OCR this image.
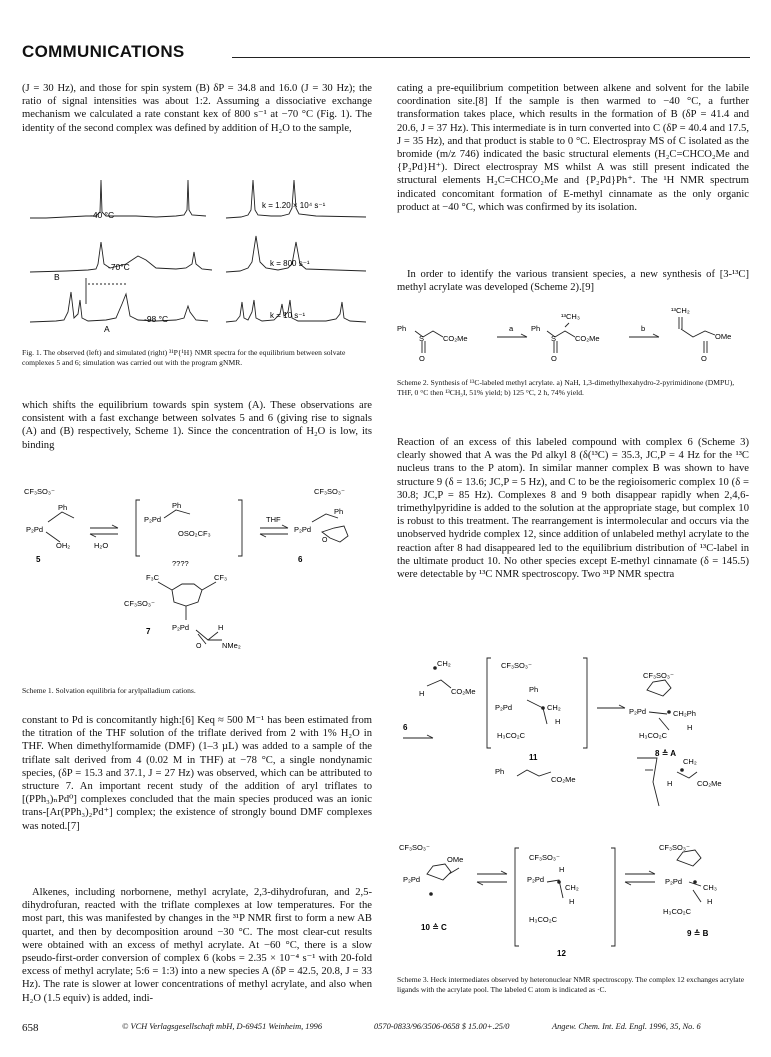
COMMUNICATIONS

(J = 30 Hz), and those for spin system (B) δP = 34.8 and 16.0 (J = 30 Hz); the ratio of signal intensities was about 1:2. Assuming a dissociative exchange mechanism we calculated a rate constant kex of 800 s⁻¹ at −70 °C (Fig. 1). The identity of the second complex was defined by addition of H₂O to the sample,

-40 °C
-70°C
-98 °C
k = 1.20 × 10⁴ s⁻¹
k = 800 s⁻¹
k = 10 s⁻¹
A
B

Fig. 1. The observed (left) and simulated (right) ³¹P{¹H} NMR spectra for the equilibrium between solvate complexes 5 and 6; simulation was carried out with the program gNMR.

which shifts the equilibrium towards spin system (A). These observations are consistent with a fast exchange between solvates 5 and 6 (giving rise to signals (A) and (B) respectively, Scheme 1). Since the concentration of H₂O is low, its binding

CF₃SO₃⁻
Ph
P₂Pd
OH₂	H₂O
5
Ph
P₂Pd
OSO₂CF₃
????
THF
CF₃SO₃⁻
Ph
P₂Pd
O
6
F₃C	CF₃
CF₃SO₃⁻
P₂Pd	H
O	NMe₂
7

Scheme 1. Solvation equilibria for arylpalladium cations.

constant to Pd is concomitantly high:[6] Keq ≈ 500 M⁻¹ has been estimated from the titration of the THF solution of the triflate derived from 2 with 1% H₂O in THF. When dimethylformamide (DMF) (1–3 µL) was added to a sample of the triflate salt derived from 4 (0.02 M in THF) at −78 °C, a single nondynamic species, (δP = 15.3 and 37.1, J = 27 Hz) was observed, which can be attributed to structure 7. An important recent study of the addition of aryl triflates to [(PPh₃)ₙPd⁰] complexes concluded that the main species produced was an ionic trans-[Ar(PPh₃)₂Pd⁺] complex; the existence of strongly bound DMF complexes was noted.[7]

Alkenes, including norbornene, methyl acrylate, 2,3-dihydrofuran, and 2,5-dihydrofuran, reacted with the triflate complexes at low temperatures. For the most part, this was manifested by changes in the ³¹P NMR first to form a new AB quartet, and then by decomposition around −30 °C. The most clear-cut results were obtained with an excess of methyl acrylate. At −60 °C, there is a slow pseudo-first-order conversion of complex 6 (kobs = 2.35 × 10⁻⁴ s⁻¹ with 20-fold excess of methyl acrylate; 5:6 = 1:3) into a new species A (δP = 42.5, 20.8, J = 33 Hz). The rate is slower at lower concentrations of methyl acrylate, and also when H₂O (1.5 equiv) is added, indi-

cating a pre-equilibrium competition between alkene and solvent for the labile coordination site.[8] If the sample is then warmed to −40 °C, a further transformation takes place, which results in the formation of B (δP = 41.4 and 20.6, J = 37 Hz). This intermediate is in turn converted into C (δP = 40.4 and 17.5, J = 35 Hz), and that product is stable to 0 °C. Electrospray MS of C isolated as the bromide (m/z 746) indicated the basic structural elements (H₂C=CHCO₂Me and {P₂Pd}H⁺). Direct electrospray MS whilst A was still present indicated the structural elements H₂C=CHCO₂Me and {P₂Pd}Ph⁺. The ¹H NMR spectrum indicated concomitant formation of E-methyl cinnamate as the only organic product at −40 °C, which was confirmed by its isolation.

In order to identify the various transient species, a new synthesis of [3-¹³C] methyl acrylate was developed (Scheme 2).[9]

Ph
S
O
CO₂Me
a Ph
S
O
¹³CH₃
CO₂Me
b
¹³CH₂
OMe
O

Scheme 2. Synthesis of ¹³C-labeled methyl acrylate. a) NaH, 1,3-dimethylhexahydro-2-pyrimidinone (DMPU), THF, 0 °C then ¹³CH₃I, 51% yield; b) 125 °C, 2 h, 74% yield.

Reaction of an excess of this labeled compound with complex 6 (Scheme 3) clearly showed that A was the Pd alkyl 8 (δ(¹³C) = 35.3, JC,P = 4 Hz for the ¹³C nucleus trans to the P atom). In similar manner complex B was shown to have structure 9 (δ = 13.6; JC,P = 5 Hz), and C to be the regioisomeric complex 10 (δ = 30.8; JC,P = 85 Hz). Complexes 8 and 9 both disappear rapidly when 2,4,6-trimethylpyridine is added to the solution at the appropriate stage, but complex 10 is robust to this treatment. The rearrangement is intermolecular and occurs via the unobserved hydride complex 12, since addition of unlabeled methyl acrylate to the reaction after 8 had disappeared led to the equilibrium distribution of ¹³C-label in the ultimate product 10. No other species except E-methyl cinnamate (δ = 145.5) were detectable by ¹³C NMR spectroscopy. Two ³¹P NMR spectra

CH₂
H	CO₂Me
6
CF₃SO₃⁻
Ph
P₂Pd	CH₂
H
H₃CO₂C
11
CF₃SO₃⁻
P₂Pd	CH₂Ph
H
H₃CO₂C
8 ≙ A
Ph
CO₂Me
CH₂
H	CO₂Me
CF₃SO₃⁻
OMe
P₂Pd
10 ≙ C
CF₃SO₃⁻
H
P₂Pd
CH₂
H
H₃CO₂C
12
CF₃SO₃⁻
P₂Pd
CH₃
H
H₃CO₂C
9 ≙ B

Scheme 3. Heck intermediates observed by heteronuclear NMR spectroscopy. The complex 12 exchanges acrylate ligands with the acrylate pool. The labeled C atom is indicated as ·C.

658	© VCH Verlagsgesellschaft mbH, D-69451 Weinheim, 1996	0570-0833/96/3506-0658 $ 15.00+.25/0	Angew. Chem. Int. Ed. Engl. 1996, 35, No. 6
